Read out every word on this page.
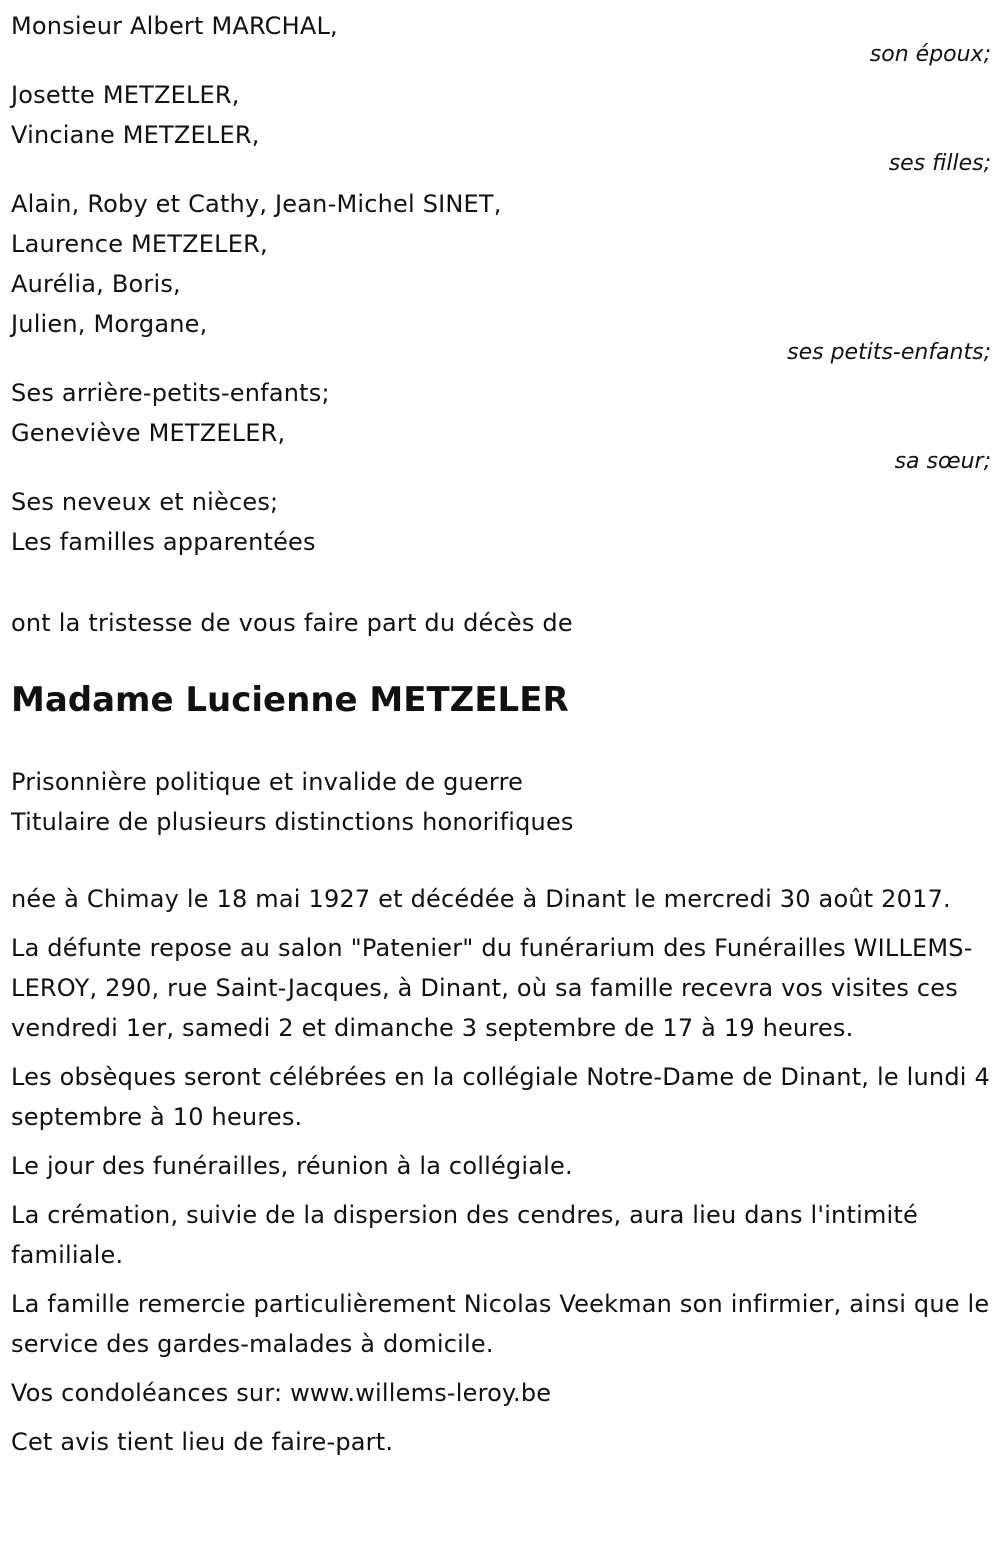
Monsieur Albert MARCHAL,
son époux;
Josette METZELER,
Vinciane METZELER,
ses filles;
Alain, Roby et Cathy, Jean-Michel SINET,
Laurence METZELER,
Aurélia, Boris,
Julien, Morgane,
ses petits-enfants;
Ses arrière-petits-enfants;
Geneviève METZELER,
sa sœur;
Ses neveux et nièces;
Les familles apparentées
ont la tristesse de vous faire part du décès de
Madame Lucienne METZELER
Prisonnière politique et invalide de guerre
Titulaire de plusieurs distinctions honorifiques

née à Chimay le 18 mai 1927 et décédée à Dinant le mercredi 30 août 2017.

La défunte repose au salon "Patenier" du funérarium des Funérailles WILLEMS-LEROY, 290, rue Saint-Jacques, à Dinant, où sa famille recevra vos visites ces vendredi 1er, samedi 2 et dimanche 3 septembre de 17 à 19 heures.

Les obsèques seront célébrées en la collégiale Notre-Dame de Dinant, le lundi 4 septembre à 10 heures.

Le jour des funérailles, réunion à la collégiale.

La crémation, suivie de la dispersion des cendres, aura lieu dans l'intimité familiale.

La famille remercie particulièrement Nicolas Veekman son infirmier, ainsi que le service des gardes-malades à domicile.

Vos condoléances sur: www.willems-leroy.be

Cet avis tient lieu de faire-part.
